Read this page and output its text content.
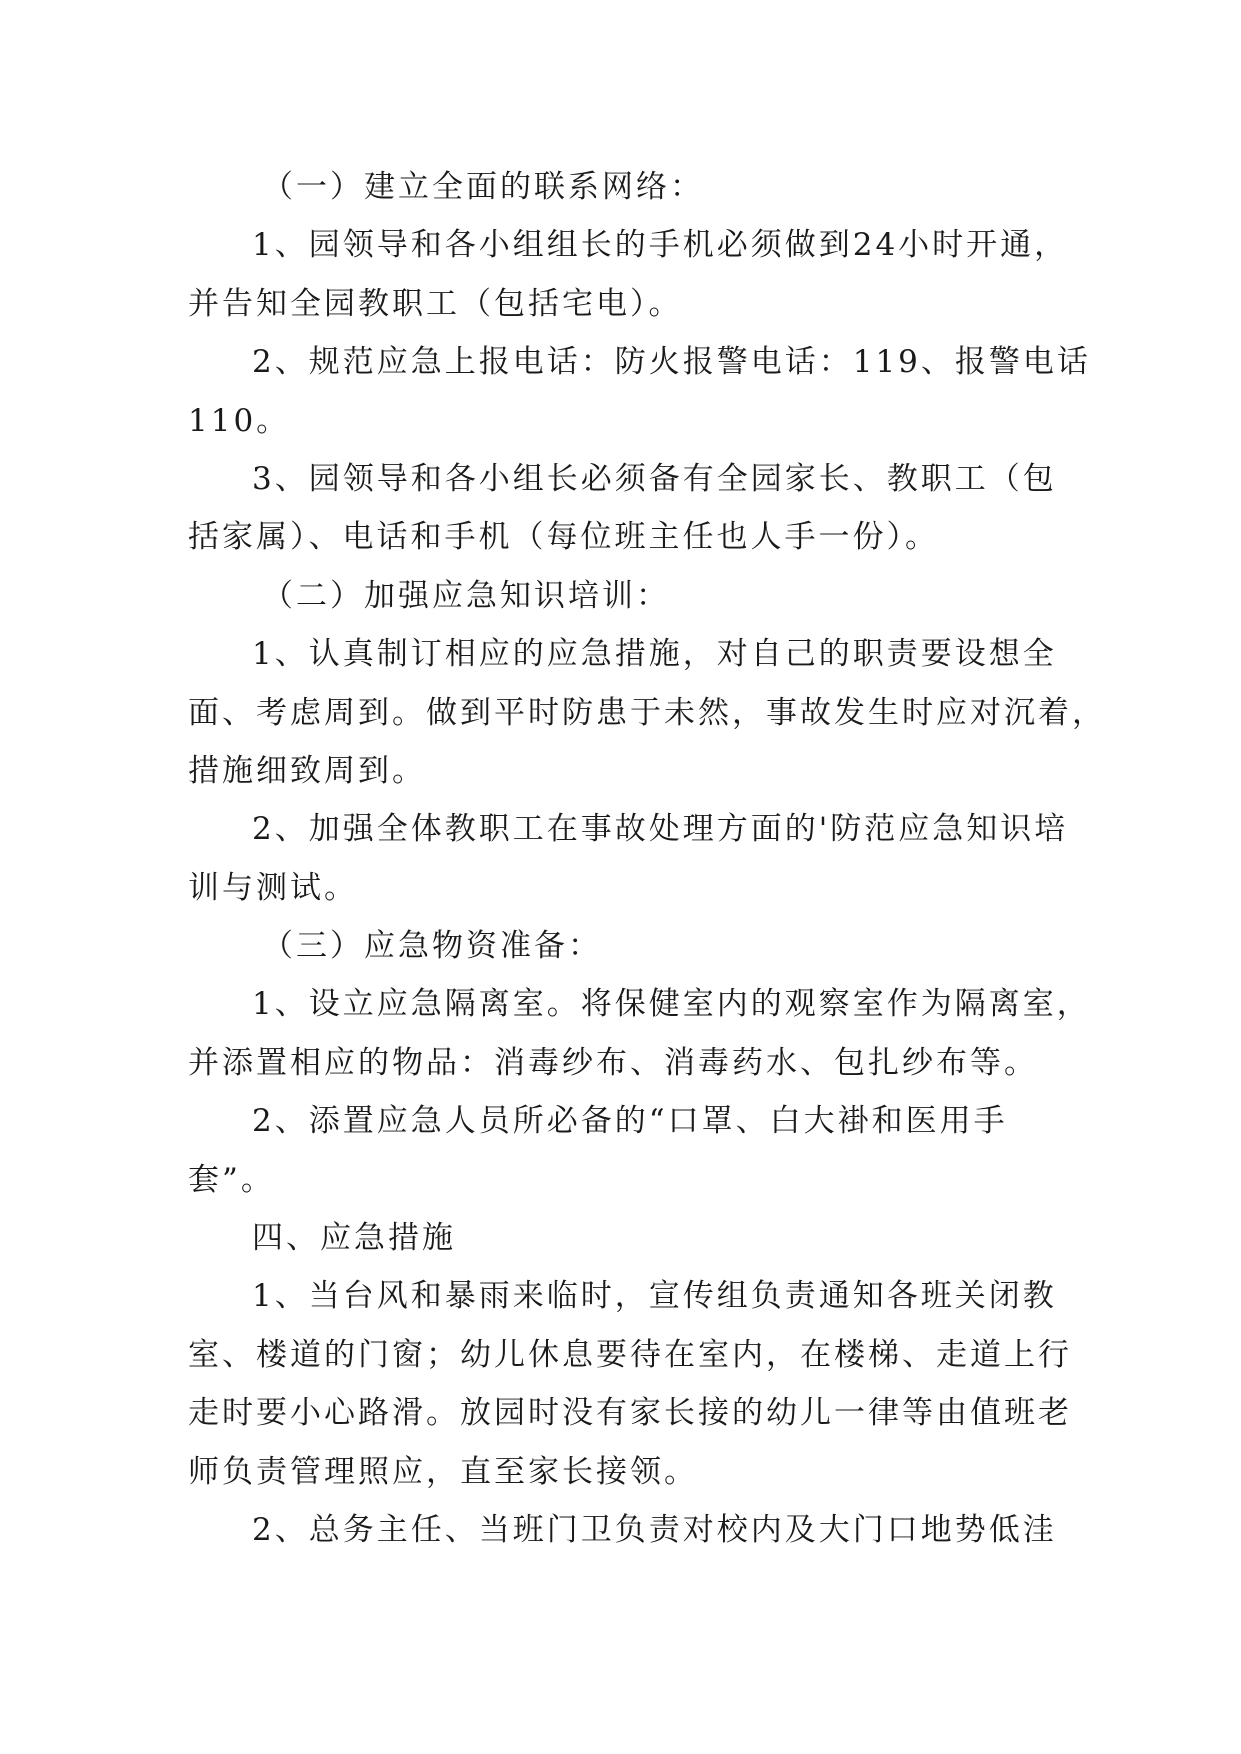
（一）建立全面的联系网络：
1、园领导和各小组组长的手机必须做到24小时开通，
并告知全园教职工（包括宅电）。
2、规范应急上报电话：防火报警电话：119、报警电话
110。
3、园领导和各小组长必须备有全园家长、教职工（包
括家属）、电话和手机（每位班主任也人手一份）。
（二）加强应急知识培训：
1、认真制订相应的应急措施，对自己的职责要设想全
面、考虑周到。做到平时防患于未然，事故发生时应对沉着，
措施细致周到。
2、加强全体教职工在事故处理方面的'防范应急知识培
训与测试。
（三）应急物资准备：
1、设立应急隔离室。将保健室内的观察室作为隔离室，
并添置相应的物品：消毒纱布、消毒药水、包扎纱布等。
2、添置应急人员所必备的“口罩、白大褂和医用手
套”。
四、应急措施
1、当台风和暴雨来临时，宣传组负责通知各班关闭教
室、楼道的门窗；幼儿休息要待在室内，在楼梯、走道上行
走时要小心路滑。放园时没有家长接的幼儿一律等由值班老
师负责管理照应，直至家长接领。
2、总务主任、当班门卫负责对校内及大门口地势低洼
